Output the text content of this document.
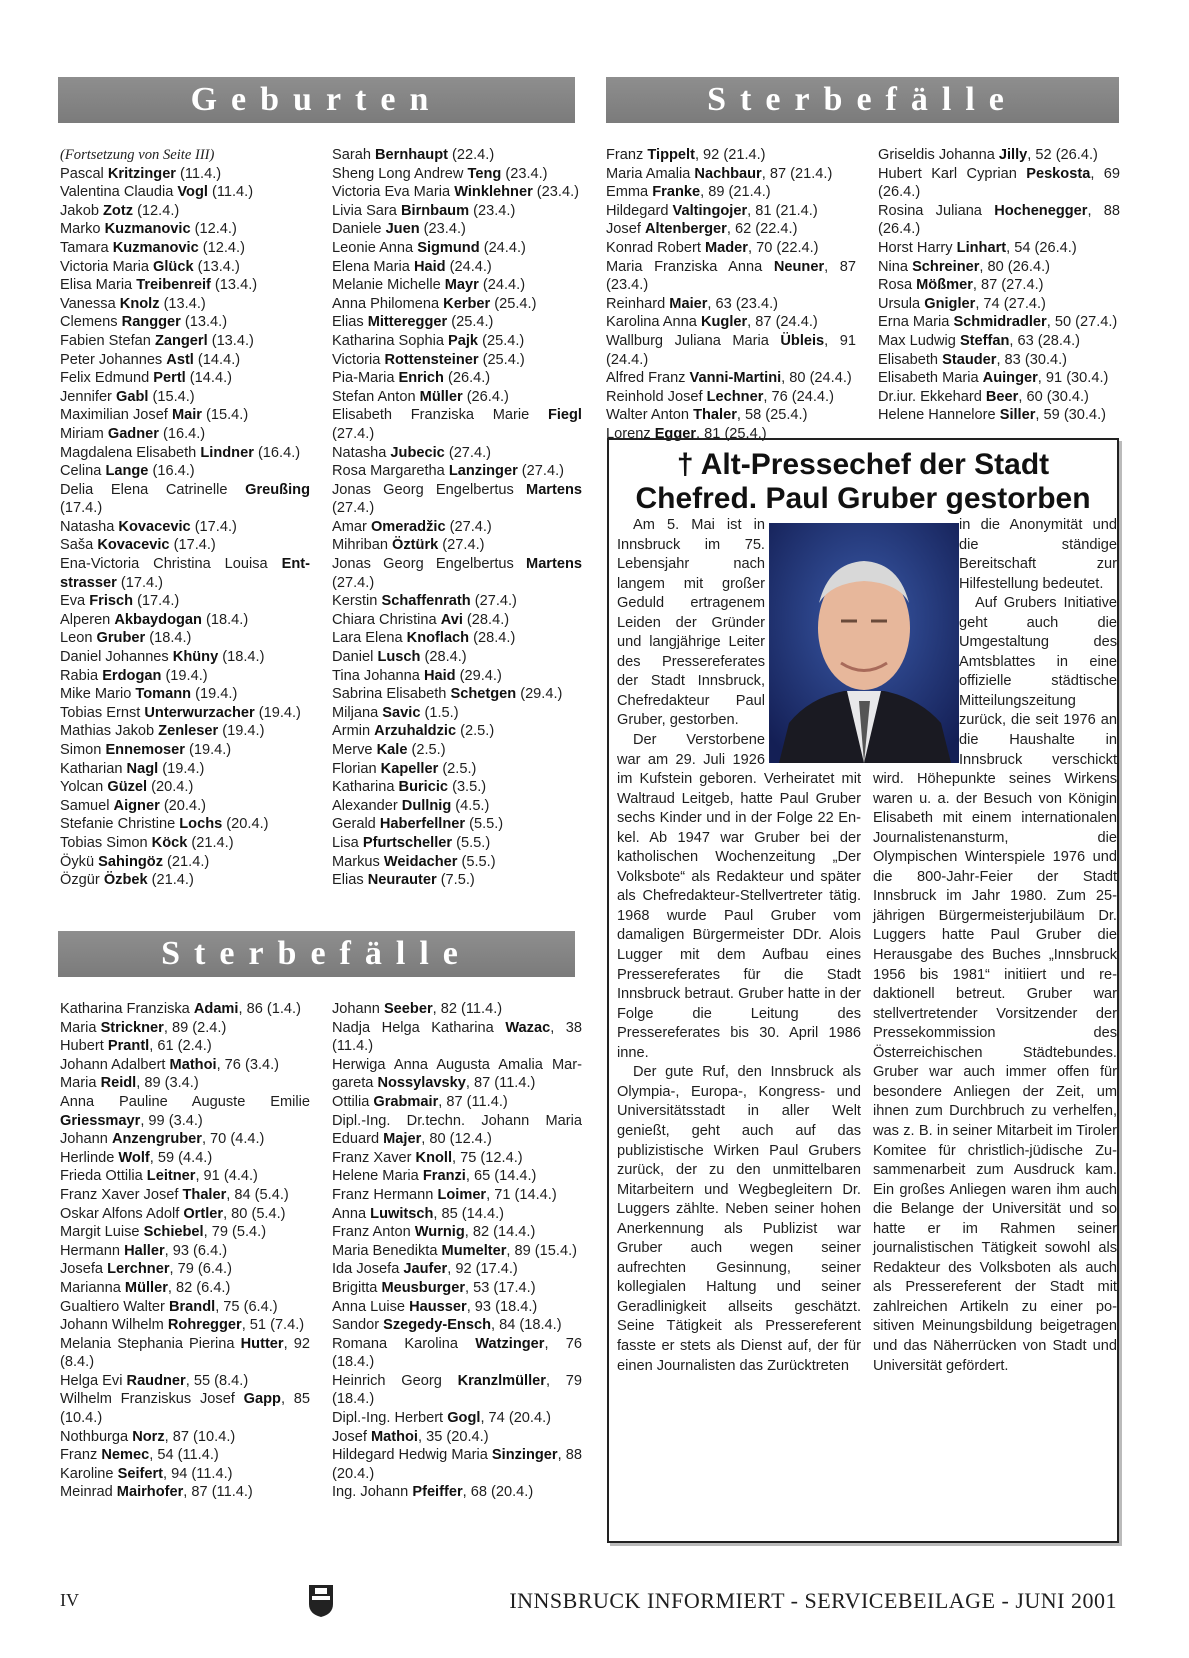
Geburten

(Fortsetzung von Seite III)

Pascal Kritzinger (11.4.)

Valentina Claudia Vogl (11.4.)

Jakob Zotz (12.4.)

Marko Kuzmanovic (12.4.)

Tamara Kuzmanovic (12.4.)

Victoria Maria Glück (13.4.)

Elisa Maria Treibenreif (13.4.)

Vanessa Knolz (13.4.)

Clemens Rangger (13.4.)

Fabien Stefan Zangerl (13.4.)

Peter Johannes Astl (14.4.)

Felix Edmund Pertl (14.4.)

Jennifer Gabl (15.4.)

Maximilian Josef Mair (15.4.)

Miriam Gadner (16.4.)

Magdalena Elisabeth Lindner (16.4.)

Celina Lange (16.4.)

Delia Elena Catrinelle Greußing (17.4.)

Natasha Kovacevic (17.4.)

Saša Kovacevic (17.4.)

Ena-Victoria Christina Louisa Entstrasser (17.4.)

Eva Frisch (17.4.)

Alperen Akbaydogan (18.4.)

Leon Gruber (18.4.)

Daniel Johannes Khüny (18.4.)

Rabia Erdogan (19.4.)

Mike Mario Tomann (19.4.)

Tobias Ernst Unterwurzacher (19.4.)

Mathias Jakob Zenleser (19.4.)

Simon Ennemoser (19.4.)

Katharian Nagl (19.4.)

Yolcan Güzel (20.4.)

Samuel Aigner (20.4.)

Stefanie Christine Lochs (20.4.)

Tobias Simon Köck (21.4.)

Öykü Sahingöz (21.4.)

Özgür Özbek (21.4.)

Sarah Bernhaupt (22.4.)

Sheng Long Andrew Teng (23.4.)

Victoria Eva Maria Winklehner (23.4.)

Livia Sara Birnbaum (23.4.)

Daniele Juen (23.4.)

Leonie Anna Sigmund (24.4.)

Elena Maria Haid (24.4.)

Melanie Michelle Mayr (24.4.)

Anna Philomena Kerber (25.4.)

Elias Mitteregger (25.4.)

Katharina Sophia Pajk (25.4.)

Victoria Rottensteiner (25.4.)

Pia-Maria Enrich (26.4.)

Stefan Anton Müller (26.4.)

Elisabeth Franziska Marie Fiegl (27.4.)

Natasha Jubecic (27.4.)

Rosa Margaretha Lanzinger (27.4.)

Jonas Georg Engelbertus Martens (27.4.)

Amar Omeradžic (27.4.)

Mihriban Öztürk (27.4.)

Jonas Georg Engelbertus Martens (27.4.)

Kerstin Schaffenrath (27.4.)

Chiara Christina Avi (28.4.)

Lara Elena Knoflach (28.4.)

Daniel Lusch (28.4.)

Tina Johanna Haid (29.4.)

Sabrina Elisabeth Schetgen (29.4.)

Miljana Savic (1.5.)

Armin Arzuhaldzic (2.5.)

Merve Kale (2.5.)

Florian Kapeller (2.5.)

Katharina Buricic (3.5.)

Alexander Dullnig (4.5.)

Gerald Haberfellner (5.5.)

Lisa Pfurtscheller (5.5.)

Markus Weidacher (5.5.)

Elias Neurauter (7.5.)

Sterbefälle

Katharina Franziska Adami, 86 (1.4.)

Maria Strickner, 89 (2.4.)

Hubert Prantl, 61 (2.4.)

Johann Adalbert Mathoi, 76 (3.4.)

Maria Reidl, 89 (3.4.)

Anna Pauline Auguste Emilie Griessmayr, 99 (3.4.)

Johann Anzengruber, 70 (4.4.)

Herlinde Wolf, 59 (4.4.)

Frieda Ottilia Leitner, 91 (4.4.)

Franz Xaver Josef Thaler, 84 (5.4.)

Oskar Alfons Adolf Ortler, 80 (5.4.)

Margit Luise Schiebel, 79 (5.4.)

Hermann Haller, 93 (6.4.)

Josefa Lerchner, 79 (6.4.)

Marianna Müller, 82 (6.4.)

Gualtiero Walter Brandl, 75 (6.4.)

Johann Wilhelm Rohregger, 51 (7.4.)

Melania Stephania Pierina Hutter, 92 (8.4.)

Helga Evi Raudner, 55 (8.4.)

Wilhelm Franziskus Josef Gapp, 85 (10.4.)

Nothburga Norz, 87 (10.4.)

Franz Nemec, 54 (11.4.)

Karoline Seifert, 94 (11.4.)

Meinrad Mairhofer, 87 (11.4.)

Johann Seeber, 82 (11.4.)

Nadja Helga Katharina Wazac, 38 (11.4.)

Herwiga Anna Augusta Amalia Margareta Nossylavsky, 87 (11.4.)

Ottilia Grabmair, 87 (11.4.)

Dipl.-Ing. Dr.techn. Johann Maria Eduard Majer, 80 (12.4.)

Franz Xaver Knoll, 75 (12.4.)

Helene Maria Franzi, 65 (14.4.)

Franz Hermann Loimer, 71 (14.4.)

Anna Luwitsch, 85 (14.4.)

Franz Anton Wurnig, 82 (14.4.)

Maria Benedikta Mumelter, 89 (15.4.)

Ida Josefa Jaufer, 92 (17.4.)

Brigitta Meusburger, 53 (17.4.)

Anna Luise Hausser, 93 (18.4.)

Sandor Szegedy-Ensch, 84 (18.4.)

Romana Karolina Watzinger, 76 (18.4.)

Heinrich Georg Kranzlmüller, 79 (18.4.)

Dipl.-Ing. Herbert Gogl, 74 (20.4.)

Josef Mathoi, 35 (20.4.)

Hildegard Hedwig Maria Sinzinger, 88 (20.4.)

Ing. Johann Pfeiffer, 68 (20.4.)

Sterbefälle

Franz Tippelt, 92 (21.4.)

Maria Amalia Nachbaur, 87 (21.4.)

Emma Franke, 89 (21.4.)

Hildegard Valtingojer, 81 (21.4.)

Josef Altenberger, 62 (22.4.)

Konrad Robert Mader, 70 (22.4.)

Maria Franziska Anna Neuner, 87 (23.4.)

Reinhard Maier, 63 (23.4.)

Karolina Anna Kugler, 87 (24.4.)

Wallburg Juliana Maria Übleis, 91 (24.4.)

Alfred Franz Vanni-Martini, 80 (24.4.)

Reinhold Josef Lechner, 76 (24.4.)

Walter Anton Thaler, 58 (25.4.)

Lorenz Egger, 81 (25.4.)

Griseldis Johanna Jilly, 52 (26.4.)

Hubert Karl Cyprian Peskosta, 69 (26.4.)

Rosina Juliana Hochenegger, 88 (26.4.)

Horst Harry Linhart, 54 (26.4.)

Nina Schreiner, 80 (26.4.)

Rosa Mößmer, 87 (27.4.)

Ursula Gnigler, 74 (27.4.)

Erna Maria Schmidradler, 50 (27.4.)

Max Ludwig Steffan, 63 (28.4.)

Elisabeth Stauder, 83 (30.4.)

Elisabeth Maria Auinger, 91 (30.4.)

Dr.iur. Ekkehard Beer, 60 (30.4.)

Helene Hannelore Siller, 59 (30.4.)

† Alt-Pressechef der Stadt
Chefred. Paul Gruber gestorben

Am 5. Mai ist in Innsbruck im 75. Lebensjahr nach langem mit großer Geduld ertragenem Leiden der Gründer und langjährige Leiter des Pressereferates der Stadt Innsbruck, Chefredakteur Paul Gruber, gestorben.

Der Verstorbene war am 29. Juli 1926 im Kufstein geboren. Verheiratet mit Waltraud Leitgeb, hatte Paul Gruber sechs Kinder und in der Folge 22 Enkel. Ab 1947 war Gruber bei der katholischen Wochenzeitung „Der Volksbote“ als Redakteur und später als Chefredakteur-Stellvertreter tätig. 1968 wurde Paul Gruber vom damaligen Bürgermeister DDr. Alois Lugger mit dem Aufbau eines Pressereferates für die Stadt Innsbruck betraut. Gruber hatte in der Folge die Leitung des Pressereferates bis 30. April 1986 inne.

Der gute Ruf, den Innsbruck als Olympia-, Europa-, Kongress- und Universitätsstadt in aller Welt genießt, geht auch auf das publizistische Wirken Paul Grubers zurück, der zu den unmittelbaren Mitarbeitern und Wegbegleitern Dr. Luggers zählte. Neben seiner hohen Anerkennung als Publizist war Gruber auch wegen seiner aufrechten Gesinnung, seiner kollegialen Haltung und seiner Geradlinigkeit allseits geschätzt. Seine Tätigkeit als Pressereferent fasste er stets als Dienst auf, der für einen Journalisten das Zurücktreten

in die Anonymität und die ständige Bereitschaft zur Hilfestellung bedeutet.

Auf Grubers Initiative geht auch die Umgestaltung des Amtsblattes in eine offizielle städtische Mitteilungszeitung zurück, die seit 1976 an die Haushalte in Innsbruck verschickt wird. Höhepunkte seines Wirkens waren u. a. der Besuch von Königin Elisabeth mit einem internationalen Journalistenansturm, die Olympischen Winterspiele 1976 und die 800-Jahr-Feier der Stadt Innsbruck im Jahr 1980. Zum 25-jährigen Bürgermeisterjubiläum Dr. Luggers hatte Paul Gruber die Herausgabe des Buches „Innsbruck 1956 bis 1981“ initiiert und redaktionell betreut. Gruber war stellvertretender Vorsitzender der Pressekommission des Österreichischen Städtebundes. Gruber war auch immer offen für besondere Anliegen der Zeit, um ihnen zum Durchbruch zu verhelfen, was z. B. in seiner Mitarbeit im Tiroler Komitee für christlich-jüdische Zusammenarbeit zum Ausdruck kam. Ein großes Anliegen waren ihm auch die Belange der Universität und so hatte er im Rahmen seiner journalistischen Tätigkeit sowohl als Redakteur des Volksboten als auch als Pressereferent der Stadt mit zahlreichen Artikeln zu einer positiven Meinungsbildung beigetragen und das Näherrücken von Stadt und Universität gefördert.

IV	INNSBRUCK INFORMIERT - SERVICEBEILAGE - JUNI 2001
